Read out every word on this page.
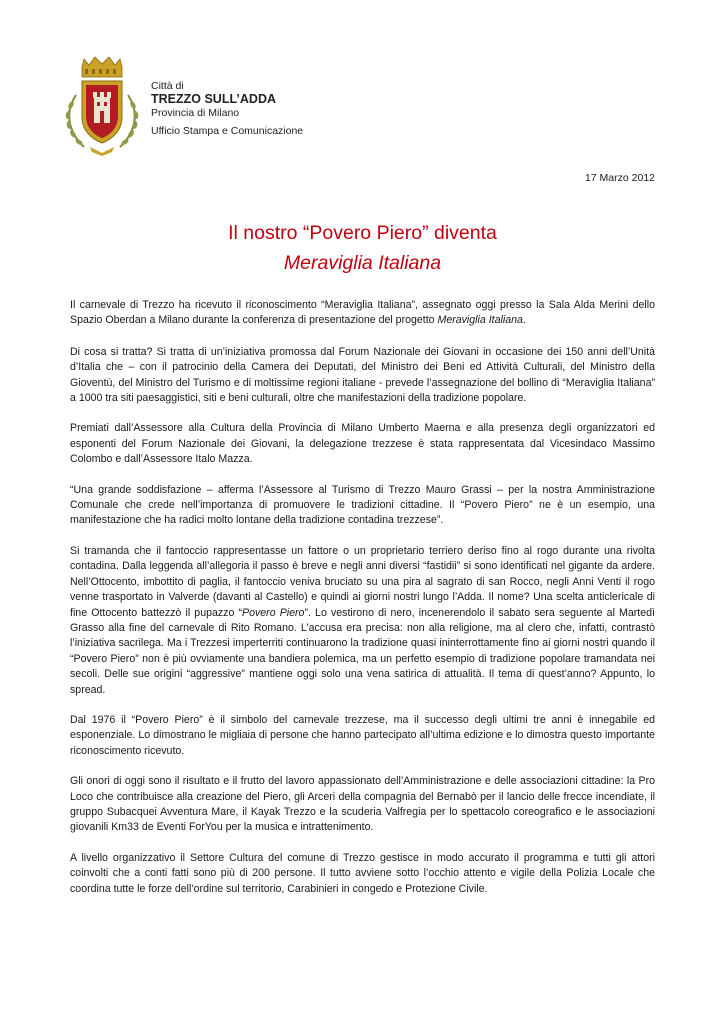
Città di
TREZZO SULL’ADDA
Provincia di Milano
Ufficio Stampa e Comunicazione
17 Marzo 2012
Il nostro “Povero Piero” diventa
Meraviglia Italiana

Il carnevale di Trezzo ha ricevuto il riconoscimento “Meraviglia Italiana”, assegnato oggi presso la Sala Alda Merini dello Spazio Oberdan a Milano durante la conferenza di presentazione del progetto Meraviglia Italiana.

Di cosa si tratta? Si tratta di un’iniziativa promossa dal Forum Nazionale dei Giovani in occasione dei 150 anni dell’Unità d’Italia che – con il patrocinio della Camera dei Deputati, del Ministro dei Beni ed Attività Culturali, del Ministro della Gioventù, del Ministro del Turismo e di moltissime regioni italiane - prevede l’assegnazione del bollino di “Meraviglia Italiana” a 1000 tra siti paesaggistici, siti e beni culturali, oltre che manifestazioni della tradizione popolare.

Premiati dall’Assessore alla Cultura della Provincia di Milano Umberto Maerna e alla presenza degli organizzatori ed esponenti del Forum Nazionale dei Giovani, la delegazione trezzese è stata rappresentata dal Vicesindaco Massimo Colombo e dall’Assessore Italo Mazza.

“Una grande soddisfazione – afferma l’Assessore al Turismo di Trezzo Mauro Grassi – per la nostra Amministrazione Comunale che crede nell’importanza di promuovere le tradizioni cittadine. Il “Povero Piero” ne è un esempio, una manifestazione che ha radici molto lontane della tradizione contadina trezzese”.

Si tramanda che il fantoccio rappresentasse un fattore o un proprietario terriero deriso fino al rogo durante una rivolta contadina. Dalla leggenda all’allegoria il passo è breve e negli anni diversi “fastidii” si sono identificati nel gigante da ardere. Nell’Ottocento, imbottito di paglia, il fantoccio veniva bruciato su una pira al sagrato di san Rocco, negli Anni Venti il rogo venne trasportato in Valverde (davanti al Castello) e quindi ai giorni nostri lungo l’Adda. Il nome? Una scelta anticlericale di fine Ottocento battezzò il pupazzo “Povero Piero”. Lo vestirono di nero, incenerendolo il sabato sera seguente al Martedì Grasso alla fine del carnevale di Rito Romano. L’accusa era precisa: non alla religione, ma al clero che, infatti, contrastò l’iniziativa sacrilega. Ma i Trezzesi imperterriti continuarono la tradizione quasi ininterrottamente fino ai giorni nostri quando il “Povero Piero” non è più ovviamente una bandiera polemica, ma un perfetto esempio di tradizione popolare tramandata nei secoli. Delle sue origini “aggressive” mantiene oggi solo una vena satirica di attualità. Il tema di quest’anno? Appunto, lo spread.

Dal 1976 il “Povero Piero” è il simbolo del carnevale trezzese, ma il successo degli ultimi tre anni è innegabile ed esponenziale. Lo dimostrano le migliaia di persone che hanno partecipato all’ultima edizione e lo dimostra questo importante riconoscimento ricevuto.

Gli onori di oggi sono il risultato e il frutto del lavoro appassionato dell’Amministrazione e delle associazioni cittadine: la Pro Loco che contribuisce alla creazione del Piero, gli Arceri della compagnia del Bernabò per il lancio delle frecce incendiate, il gruppo Subacquei Avventura Mare, il Kayak Trezzo e la scuderia Valfregia per lo spettacolo coreografico e le associazioni giovanili Km33 de Eventi ForYou per la musica e intrattenimento.

A livello organizzativo il Settore Cultura del comune di Trezzo gestisce in modo accurato il programma e tutti gli attori coinvolti che a conti fatti sono più di 200 persone. Il tutto avviene sotto l’occhio attento e vigile della Polizia Locale che coordina tutte le forze dell’ordine sul territorio, Carabinieri in congedo e Protezione Civile.
